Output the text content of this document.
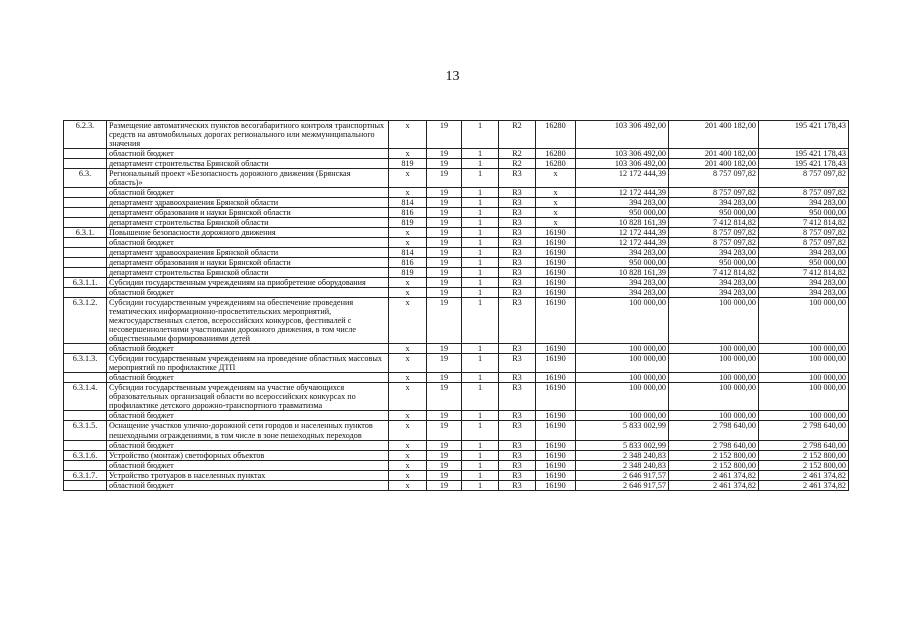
13
6.2.3.	Размещение автоматических пунктов весогабаритного контроля транспортных средств на автомобильных дорогах регионального или межмуниципального значения	x	19	1	R2	16280	103 306 492,00	201 400 182,00	195 421 178,43
	областной бюджет	x	19	1	R2	16280	103 306 492,00	201 400 182,00	195 421 178,43
	департамент строительства Брянской области	819	19	1	R2	16280	103 306 492,00	201 400 182,00	195 421 178,43
6.3.	Региональный проект «Безопасность дорожного движения (Брянская область)»	x	19	1	R3	x	12 172 444,39	8 757 097,82	8 757 097,82
	областной бюджет	x	19	1	R3	x	12 172 444,39	8 757 097,82	8 757 097,82
	департамент здравоохранения Брянской области	814	19	1	R3	x	394 283,00	394 283,00	394 283,00
	департамент образования и науки Брянской области	816	19	1	R3	x	950 000,00	950 000,00	950 000,00
	департамент строительства Брянской области	819	19	1	R3	x	10 828 161,39	7 412 814,82	7 412 814,82
6.3.1.	Повышение безопасности дорожного движения	x	19	1	R3	16190	12 172 444,39	8 757 097,82	8 757 097,82
	областной бюджет	x	19	1	R3	16190	12 172 444,39	8 757 097,82	8 757 097,82
	департамент здравоохранения Брянской области	814	19	1	R3	16190	394 283,00	394 283,00	394 283,00
	департамент образования и науки Брянской области	816	19	1	R3	16190	950 000,00	950 000,00	950 000,00
	департамент строительства Брянской области	819	19	1	R3	16190	10 828 161,39	7 412 814,82	7 412 814,82
6.3.1.1.	Субсидии государственным учреждениям на приобретение оборудования	x	19	1	R3	16190	394 283,00	394 283,00	394 283,00
	областной бюджет	x	19	1	R3	16190	394 283,00	394 283,00	394 283,00
6.3.1.2.	Субсидии государственным учреждениям на обеспечение проведения тематических информационно-просветительских мероприятий, межгосударственных слетов, всероссийских конкурсов, фестивалей с несовершеннолетними участниками дорожного движения, в том числе общественными формированиями детей	x	19	1	R3	16190	100 000,00	100 000,00	100 000,00
	областной бюджет	x	19	1	R3	16190	100 000,00	100 000,00	100 000,00
6.3.1.3.	Субсидии государственным учреждениям на проведение областных массовых мероприятий по профилактике ДТП	x	19	1	R3	16190	100 000,00	100 000,00	100 000,00
	областной бюджет	x	19	1	R3	16190	100 000,00	100 000,00	100 000,00
6.3.1.4.	Субсидии государственным учреждениям на участие обучающихся образовательных организаций области во всероссийских конкурсах по профилактике детского дорожно-транспортного травматизма	x	19	1	R3	16190	100 000,00	100 000,00	100 000,00
	областной бюджет	x	19	1	R3	16190	100 000,00	100 000,00	100 000,00
6.3.1.5.	Оснащение участков улично-дорожной сети городов и населенных пунктов пешеходными ограждениями, в том числе в зоне пешеходных переходов	x	19	1	R3	16190	5 833 002,99	2 798 640,00	2 798 640,00
	областной бюджет	x	19	1	R3	16190	5 833 002,99	2 798 640,00	2 798 640,00
6.3.1.6.	Устройство (монтаж) светофорных объектов	x	19	1	R3	16190	2 348 240,83	2 152 800,00	2 152 800,00
	областной бюджет	x	19	1	R3	16190	2 348 240,83	2 152 800,00	2 152 800,00
6.3.1.7.	Устройство тротуаров в населенных пунктах	x	19	1	R3	16190	2 646 917,57	2 461 374,82	2 461 374,82
	областной бюджет	x	19	1	R3	16190	2 646 917,57	2 461 374,82	2 461 374,82
